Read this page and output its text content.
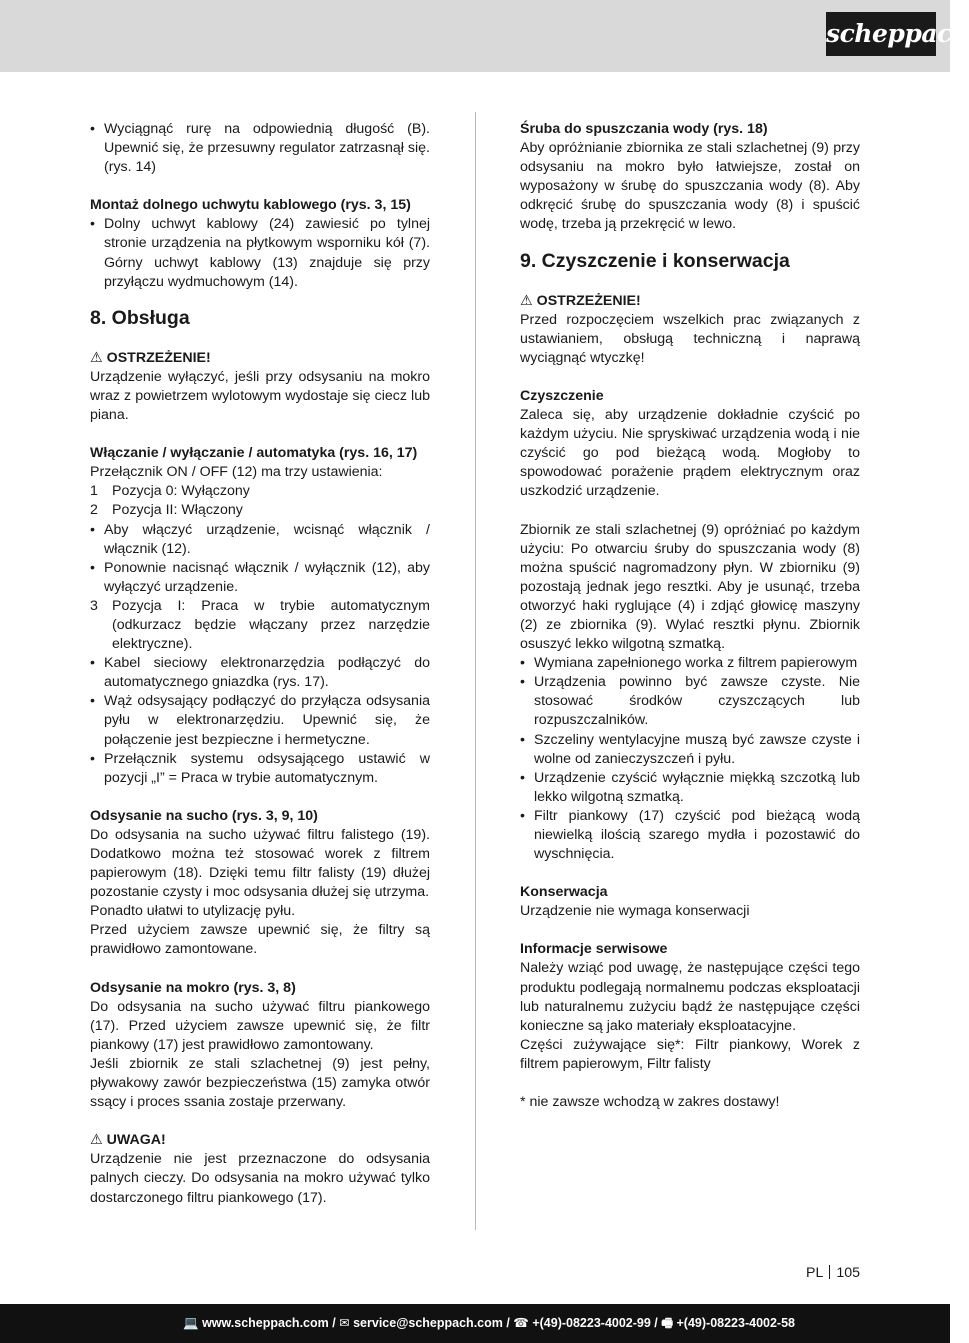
scheppach
• Wyciągnąć rurę na odpowiednią długość (B). Upewnić się, że przesuwny regulator zatrzasnął się. (rys. 14)

Montaż dolnego uchwytu kablowego (rys. 3, 15)

• Dolny uchwyt kablowy (24) zawiesić po tylnej stronie urządzenia na płytkowym wsporniku kół (7). Górny uchwyt kablowy (13) znajduje się przy przyłączu wydmuchowym (14).

8. Obsługa

⚠ OSTRZEŻENIE!

Urządzenie wyłączyć, jeśli przy odsysaniu na mokro wraz z powietrzem wylotowym wydostaje się ciecz lub piana.

Włączanie / wyłączanie / automatyka (rys. 16, 17)

Przełącznik ON / OFF (12) ma trzy ustawienia:

1 Pozycja 0: Wyłączony
2 Pozycja II: Włączony
• Aby włączyć urządzenie, wcisnąć włącznik / włącznik (12).
• Ponownie nacisnąć włącznik / wyłącznik (12), aby wyłączyć urządzenie.
3 Pozycja I: Praca w trybie automatycznym (odkurzacz będzie włączany przez narzędzie elektryczne).
• Kabel sieciowy elektronarzędzia podłączyć do automatycznego gniazdka (rys. 17).
• Wąż odsysający podłączyć do przyłącza odsysania pyłu w elektronarzędziu. Upewnić się, że połączenie jest bezpieczne i hermetyczne.
• Przełącznik systemu odsysającego ustawić w pozycji „I” = Praca w trybie automatycznym.

Odsysanie na sucho (rys. 3, 9, 10)

Do odsysania na sucho używać filtru falistego (19). Dodatkowo można też stosować worek z filtrem papierowym (18). Dzięki temu filtr falisty (19) dłużej pozostanie czysty i moc odsysania dłużej się utrzyma.

Ponadto ułatwi to utylizację pyłu.

Przed użyciem zawsze upewnić się, że filtry są prawidłowo zamontowane.

Odsysanie na mokro (rys. 3, 8)

Do odsysania na sucho używać filtru piankowego (17). Przed użyciem zawsze upewnić się, że filtr piankowy (17) jest prawidłowo zamontowany.

Jeśli zbiornik ze stali szlachetnej (9) jest pełny, pływakowy zawór bezpieczeństwa (15) zamyka otwór ssący i proces ssania zostaje przerwany.

⚠ UWAGA!

Urządzenie nie jest przeznaczone do odsysania palnych cieczy. Do odsysania na mokro używać tylko dostarczonego filtru piankowego (17).

Śruba do spuszczania wody (rys. 18)

Aby opróżnianie zbiornika ze stali szlachetnej (9) przy odsysaniu na mokro było łatwiejsze, został on wyposażony w śrubę do spuszczania wody (8). Aby odkręcić śrubę do spuszczania wody (8) i spuścić wodę, trzeba ją przekręcić w lewo.

9. Czyszczenie i konserwacja

⚠ OSTRZEŻENIE!

Przed rozpoczęciem wszelkich prac związanych z ustawianiem, obsługą techniczną i naprawą wyciągnąć wtyczkę!

Czyszczenie

Zaleca się, aby urządzenie dokładnie czyścić po każdym użyciu. Nie spryskiwać urządzenia wodą i nie czyścić go pod bieżącą wodą. Mogłoby to spowodować porażenie prądem elektrycznym oraz uszkodzić urządzenie.

Zbiornik ze stali szlachetnej (9) opróżniać po każdym użyciu: Po otwarciu śruby do spuszczania wody (8) można spuścić nagromadzony płyn. W zbiorniku (9) pozostają jednak jego resztki. Aby je usunąć, trzeba otworzyć haki ryglujące (4) i zdjąć głowicę maszyny (2) ze zbiornika (9). Wylać resztki płynu. Zbiornik osuszyć lekko wilgotną szmatką.

• Wymiana zapełnionego worka z filtrem papierowym
• Urządzenia powinno być zawsze czyste. Nie stosować środków czyszczących lub rozpuszczalników.
• Szczeliny wentylacyjne muszą być zawsze czyste i wolne od zanieczyszczeń i pyłu.
• Urządzenie czyścić wyłącznie miękką szczotką lub lekko wilgotną szmatką.
• Filtr piankowy (17) czyścić pod bieżącą wodą niewielką ilością szarego mydła i pozostawić do wyschnięcia.

Konserwacja

Urządzenie nie wymaga konserwacji

Informacje serwisowe

Należy wziąć pod uwagę, że następujące części tego produktu podlegają normalnemu podczas eksploatacji lub naturalnemu zużyciu bądź że następujące części konieczne są jako materiały eksploatacyjne.

Części zużywające się*: Filtr piankowy, Worek z filtrem papierowym, Filtr falisty

* nie zawsze wchodzą w zakres dostawy!

PL 105
💻 www.scheppach.com / ✉ service@scheppach.com / ☎ +(49)-08223-4002-99 / 🖷 +(49)-08223-4002-58
